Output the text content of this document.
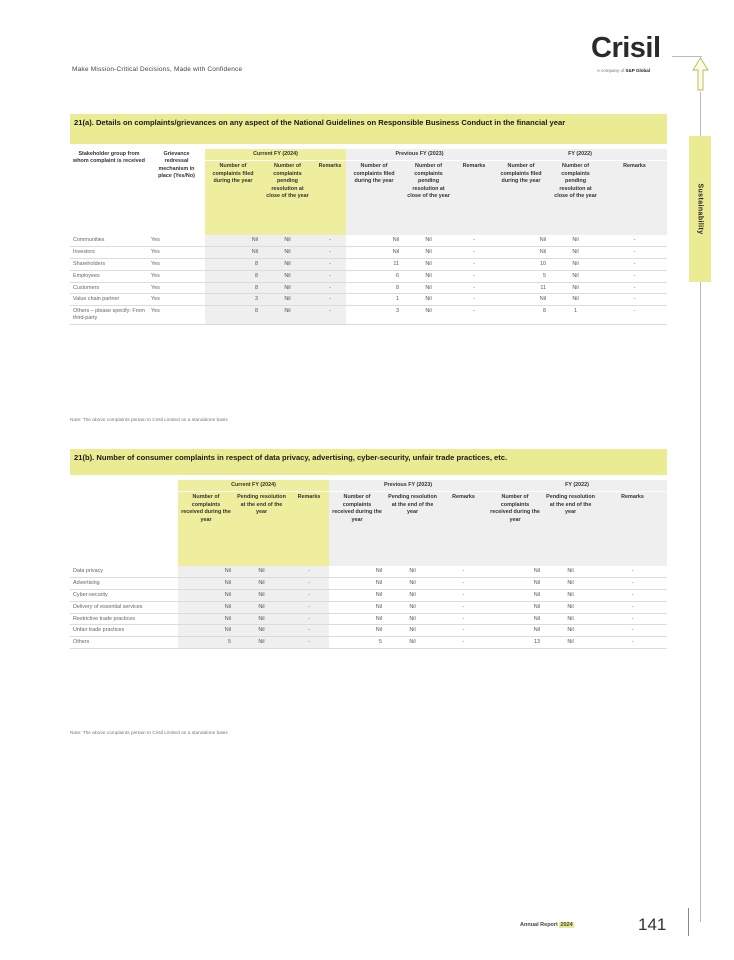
Make Mission-Critical Decisions, Made with Confidence
Crisil
A company of S&P Global
Sustainability
21(a). Details on complaints/grievances on any aspect of the National Guidelines on Responsible Business Conduct in the financial year
Stakeholder group from whom complaint is received	Grievance redressal mechanism in place (Yes/No)	Current FY (2024)			Previous FY (2023)			FY (2022)		
		Number of complaints filed during the year	Number of complaints pending resolution at close of the year	Remarks	Number of complaints filed during the year	Number of complaints pending resolution at close of the year	Remarks	Number of complaints filed during the year	Number of complaints pending resolution at close of the year	Remarks
Communities	Yes	Nil	Nil	-	Nil	Nil	-	Nil	Nil	-
Investors	Yes	Nil	Nil	-	Nil	Nil	-	Nil	Nil	-
Shareholders	Yes	8	Nil	-	11	Nil	-	10	Nil	-
Employees	Yes	8	Nil	-	6	Nil	-	5	Nil	-
Customers	Yes	8	Nil	-	8	Nil	-	11	Nil	-
Value chain partner	Yes	3	Nil	-	1	Nil	-	Nil	Nil	-
Others – please specify: From third-party	Yes	8	Nil	-	3	Nil	-	8	1	-
Note: The above complaints pertain to Crisil Limited on a standalone basis
21(b). Number of consumer complaints in respect of data privacy, advertising, cyber-security, unfair trade practices, etc.
	Current FY (2024)			Previous FY (2023)			FY (2022)		
	Number of complaints received during the year	Pending resolution at the end of the year	Remarks	Number of complaints received during the year	Pending resolution at the end of the year	Remarks	Number of complaints received during the year	Pending resolution at the end of the year	Remarks
Data privacy	Nil	Nil	-	Nil	Nil	-	Nil	Nil	-
Advertising	Nil	Nil	-	Nil	Nil	-	Nil	Nil	-
Cyber-security	Nil	Nil	-	Nil	Nil	-	Nil	Nil	-
Delivery of essential services	Nil	Nil	-	Nil	Nil	-	Nil	Nil	-
Restrictive trade practices	Nil	Nil	-	Nil	Nil	-	Nil	Nil	-
Unfair trade practices	Nil	Nil	-	Nil	Nil	-	Nil	Nil	-
Others	5	Nil	-	5	Nil	-	13	Nil	-
Note: The above complaints pertain to Crisil Limited on a standalone basis
Annual Report 2024	141
